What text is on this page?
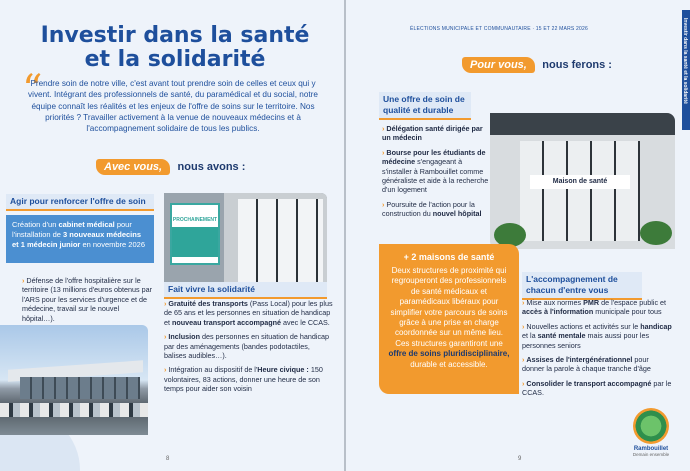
Investir dans la santé
et la solidarité
“
Prendre soin de notre ville, c'est avant tout prendre soin de celles et ceux qui y vivent. Intégrant des professionnels de santé, du paramédical et du social, notre équipe connaît les réalités et les enjeux de l'offre de soins sur le territoire. Nos priorités ? Travailler activement à la venue de nouveaux médecins et à l'accompagnement solidaire de tous les publics.
Avec vous, nous avons :
Agir pour renforcer l'offre de soin
Création d'un cabinet médical pour l'installation de 3 nouveaux médecins et 1 médecin junior en novembre 2026
› Défense de l'offre hospitalière sur le territoire (13 millions d'euros obtenus par l'ARS pour les services d'urgence et de médecine, travail sur le nouvel hôpital…).
PROCHAINEMENT
Fait vivre la solidarité

› Gratuité des transports (Pass Local) pour les plus de 65 ans et les personnes en situation de handicap et nouveau transport accompagné avec le CCAS.

› Inclusion des personnes en situation de handicap par des aménagements (bandes podotactiles, balises audibles…).

› Intégration au dispositif de l'Heure civique : 150 volontaires, 83 actions, donner une heure de son temps pour aider son voisin

8
ÉLECTIONS MUNICIPALE ET COMMUNAUTAIRE · 15 ET 22 MARS 2026	Investir dans la santé et la solidarité
Pour vous, nous ferons :
Une offre de soin de qualité et durable

› Délégation santé dirigée par un médecin

› Bourse pour les étudiants de médecine s'engageant à s'installer à Rambouillet comme généraliste et aide à la recherche d'un logement

› Poursuite de l'action pour la construction du nouvel hôpital

Maison de santé
+ 2 maisons de santé
Deux structures de proximité qui regrouperont des professionnels de santé médicaux et paramédicaux libéraux pour simplifier votre parcours de soins grâce à une prise en charge coordonnée sur un même lieu. Ces structures garantiront une offre de soins pluridisciplinaire, durable et accessible.
L'accompagnement de chacun d'entre vous

› Mise aux normes PMR de l'espace public et accès à l'information municipale pour tous

› Nouvelles actions et activités sur le handicap et la santé mentale mais aussi pour les personnes seniors

› Assises de l'intergénérationnel pour donner la parole à chaque tranche d'âge

› Consolider le transport accompagné par le CCAS.

Rambouillet
Demain ensemble
9
